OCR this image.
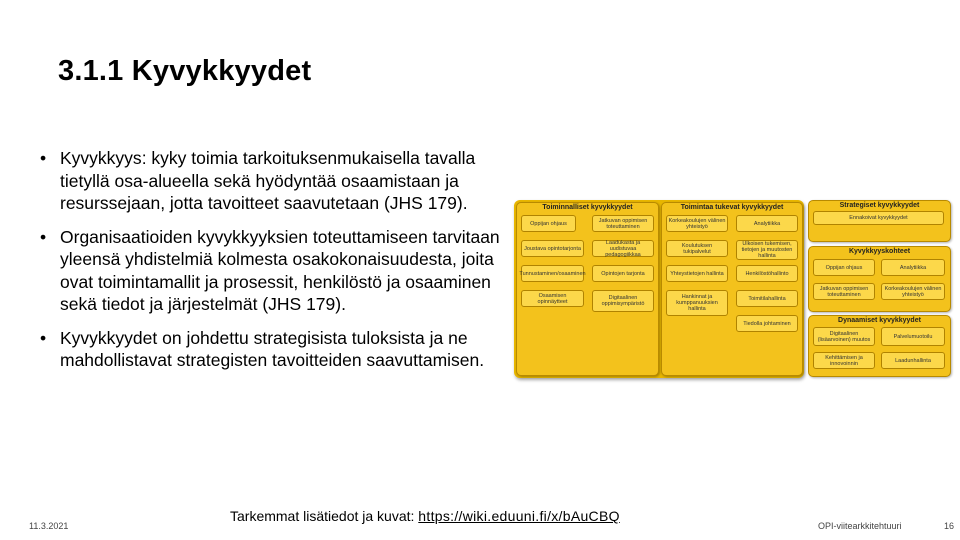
3.1.1 Kyvykkyydet
• Kyvykkyys: kyky toimia tarkoituksenmukaisella tavalla tietyllä osa-alueella sekä hyödyntää osaamistaan ja resurssejaan, jotta tavoitteet saavutetaan (JHS 179).
• Organisaatioiden kyvykkyyksien toteuttamiseen tarvitaan yleensä yhdistelmiä kolmesta osakokonaisuudesta, joita ovat toimintamallit ja prosessit, henkilöstö ja osaaminen sekä tiedot ja järjestelmät (JHS 179).
• Kyvykkyydet on johdettu strategisista tuloksista ja ne mahdollistavat strategisten tavoitteiden saavuttamisen.
Toiminnalliset kyvykkyydet
Oppijan ohjaus	Jatkuvan oppimisen toteuttaminen
Joustava opintotarjonta
Laadukasta ja uudistuvaa pedagogiikkaa
Tunnustaminen/osaaminen	Opintojen tarjonta
Osaamisen opinnäytteet
Digitaalinen oppimisympäristö
Toimintaa tukevat kyvykkyydet
Korkeakoulujen välinen yhteistyö	Analytiikka
Koulutuksen tukipalvelut
Ulkoisen tukemisen, tietojen ja muutosten hallinta
Yhteystietojen hallinta	Henkilöstöhallinto
Hankinnat ja kumppanuuksien hallinta
Toimitilahallinta
Tiedolla johtaminen
Strategiset kyvykkyydet
Ennakoivat kyvykkyydet
Kyvykkyyskohteet
Oppijan ohjaus	Analytiikka
Jatkuvan oppimisen toteuttaminen
Korkeakoulujen välinen yhteistyö
Dynaamiset kyvykkyydet
Digitaalinen (lisäarvoinen) muutos	Palvelumuotoilu
Kehittämisen ja innovoinnin	Laadunhallinta
11.3.2021
Tarkemmat lisätiedot ja kuvat: https://wiki.eduuni.fi/x/bAuCBQ
OPI-viitearkkitehtuuri	16
